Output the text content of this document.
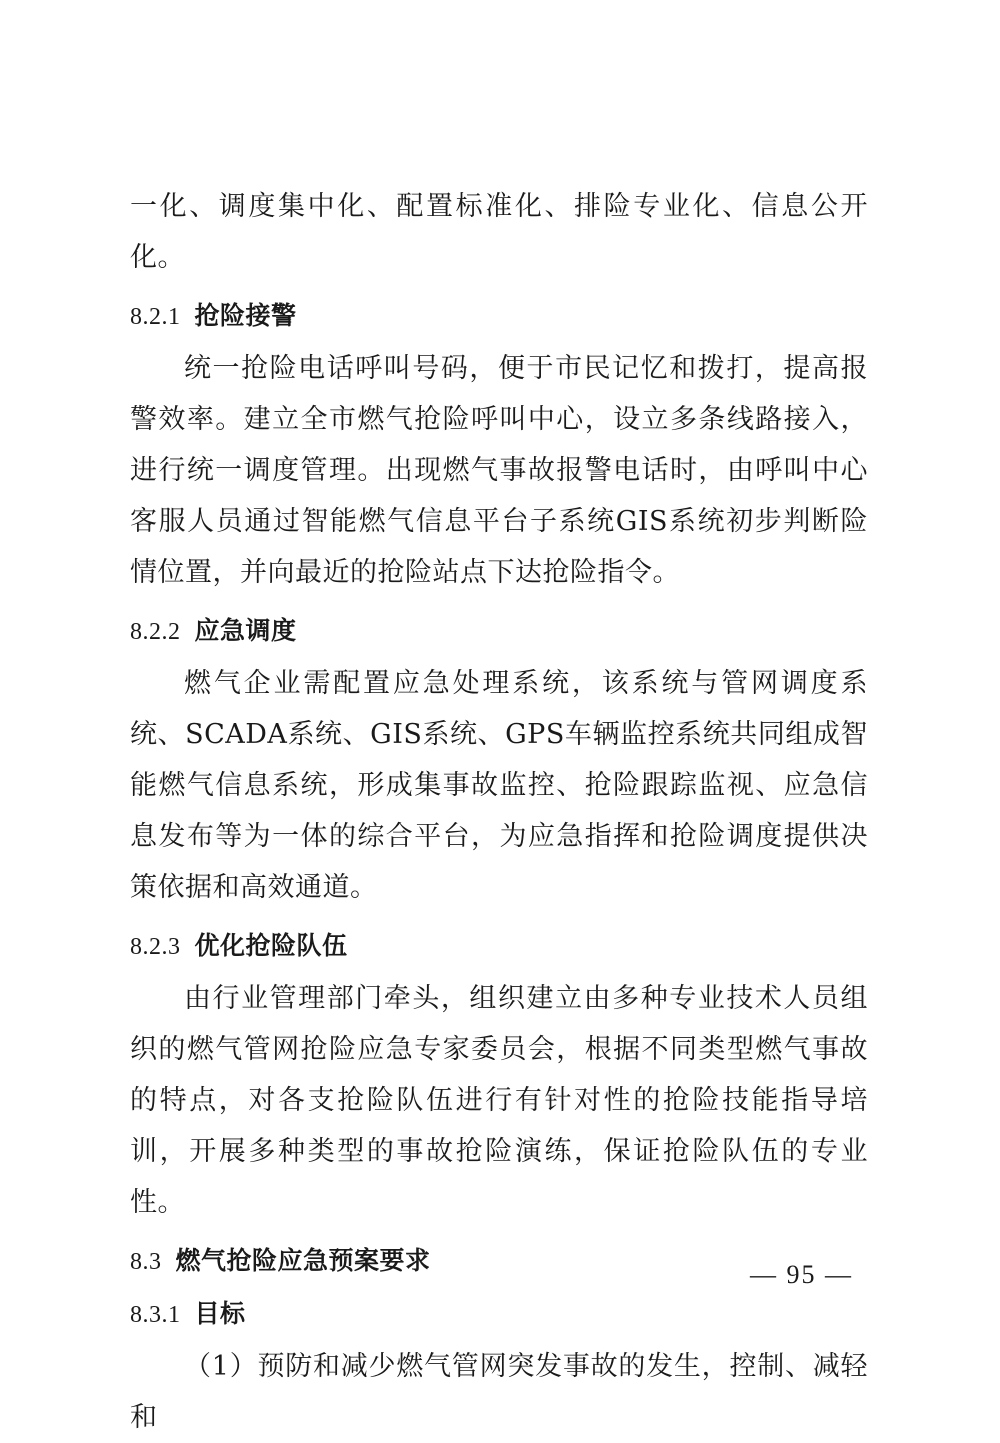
一化、调度集中化、配置标准化、排险专业化、信息公开化。

8.2.1 抢险接警

统一抢险电话呼叫号码，便于市民记忆和拨打，提高报警效率。建立全市燃气抢险呼叫中心，设立多条线路接入，进行统一调度管理。出现燃气事故报警电话时，由呼叫中心客服人员通过智能燃气信息平台子系统GIS系统初步判断险情位置，并向最近的抢险站点下达抢险指令。

8.2.2 应急调度

燃气企业需配置应急处理系统，该系统与管网调度系统、SCADA系统、GIS系统、GPS车辆监控系统共同组成智能燃气信息系统，形成集事故监控、抢险跟踪监视、应急信息发布等为一体的综合平台，为应急指挥和抢险调度提供决策依据和高效通道。

8.2.3 优化抢险队伍

由行业管理部门牵头，组织建立由多种专业技术人员组织的燃气管网抢险应急专家委员会，根据不同类型燃气事故的特点，对各支抢险队伍进行有针对性的抢险技能指导培训，开展多种类型的事故抢险演练，保证抢险队伍的专业性。

8.3 燃气抢险应急预案要求
8.3.1 目标

（1）预防和减少燃气管网突发事故的发生，控制、减轻和

— 95 —
